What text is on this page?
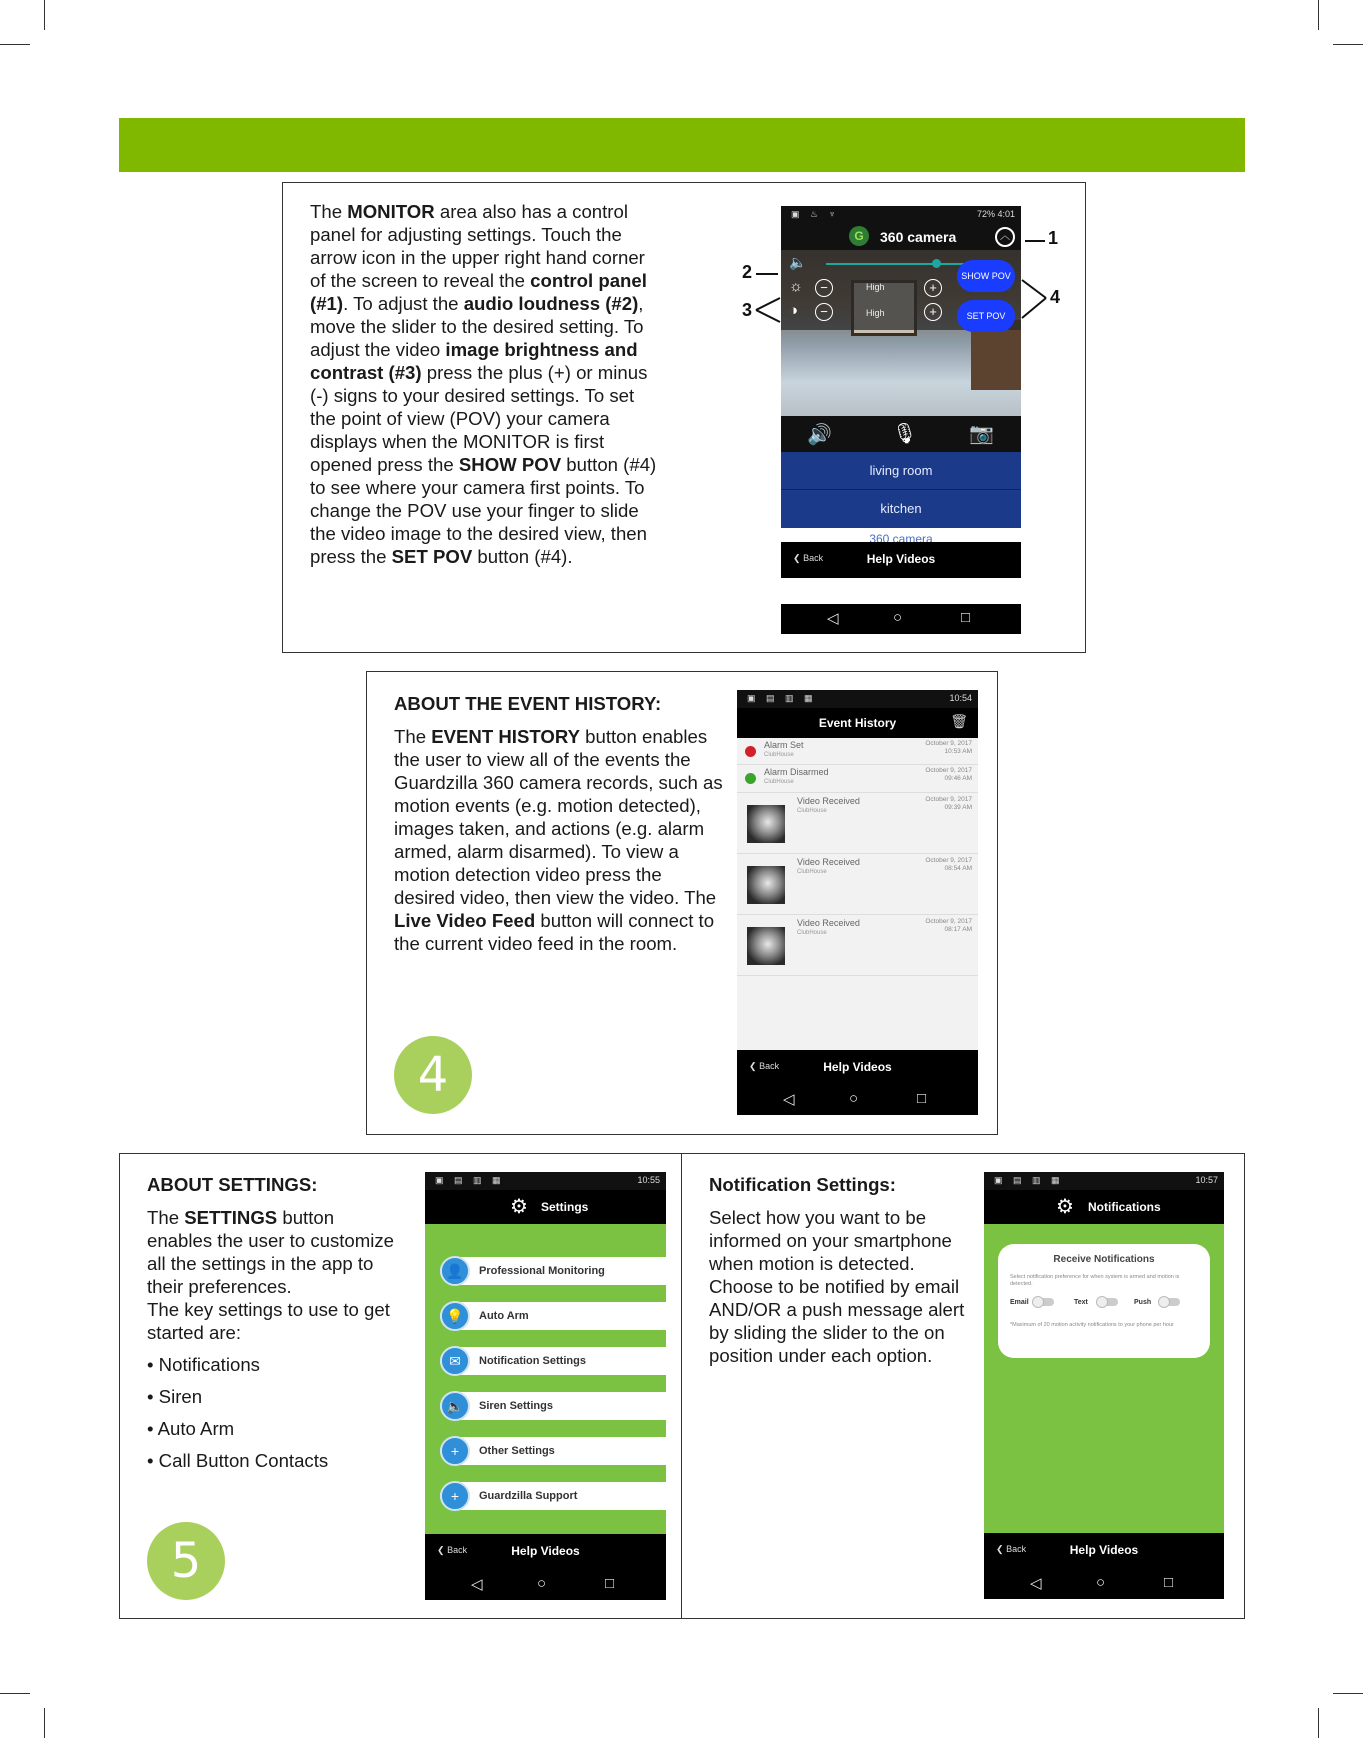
The MONITOR area also has a control panel for adjusting settings. Touch the arrow icon in the upper right hand corner of the screen to reveal the control panel (#1). To adjust the audio loudness (#2), move the slider to the desired setting. To adjust the video image brightness and contrast (#3) press the plus (+) or minus (-) signs to your desired settings. To set the point of view (POV) your camera displays when the MONITOR is first opened press the SHOW POV button (#4) to see where your camera first points. To change the POV use your finger to slide the video image to the desired view, then press the SET POV button (#4).
▣ ♨ ♆	72% 4:01
G	360 camera	︿
🔈
☼	−	High	+
◑	−	High	+
SHOW POV
SET POV
🔊	🎙	📷
living room
kitchen
360 camera
❮ Back	Help Videos
◁	○	□
1
2
3
4
ABOUT THE EVENT HISTORY:
The EVENT HISTORY button enables the user to view all of the events the Guardzilla 360 camera records, such as motion events (e.g. motion detected), images taken, and actions (e.g. alarm armed, alarm disarmed). To view a motion detection video press the desired video, then view the video. The Live Video Feed button will connect to the current video feed in the room.
4
▣ ▤ ▥ ▦	10:54
Event History	🗑
Alarm Set
ClubHouse
October 9, 2017
10:53 AM
Alarm Disarmed
ClubHouse
October 9, 2017
09:46 AM
Video Received
ClubHouse
October 9, 2017
09:39 AM
Video Received
ClubHouse
October 9, 2017
08:54 AM
Video Received
ClubHouse
October 9, 2017
08:17 AM
❮ Back	Help Videos
◁	○	□
ABOUT SETTINGS:
The SETTINGS button enables the user to customize all the settings in the app to their preferences.
The key settings to use to get started are:
• Notifications
• Siren
• Auto Arm
• Call Button Contacts
5
▣ ▤ ▥ ▦	10:55
⚙ Settings
👤	Professional Monitoring
💡	Auto Arm
✉	Notification Settings
🔈	Siren Settings
+	Other Settings
+	Guardzilla Support
❮ Back	Help Videos
◁	○	□
Notification Settings:
Select how you want to be informed on your smartphone when motion is detected. Choose to be notified by email AND/OR a push message alert by sliding the slider to the on position under each option.
▣ ▤ ▥ ▦	10:57
⚙ Notifications
Receive Notifications
Select notification preference for when system is armed and motion is detected.
Email	Text	Push
*Maximum of 20 motion activity notifications to your phone per hour
❮ Back	Help Videos
◁	○	□
